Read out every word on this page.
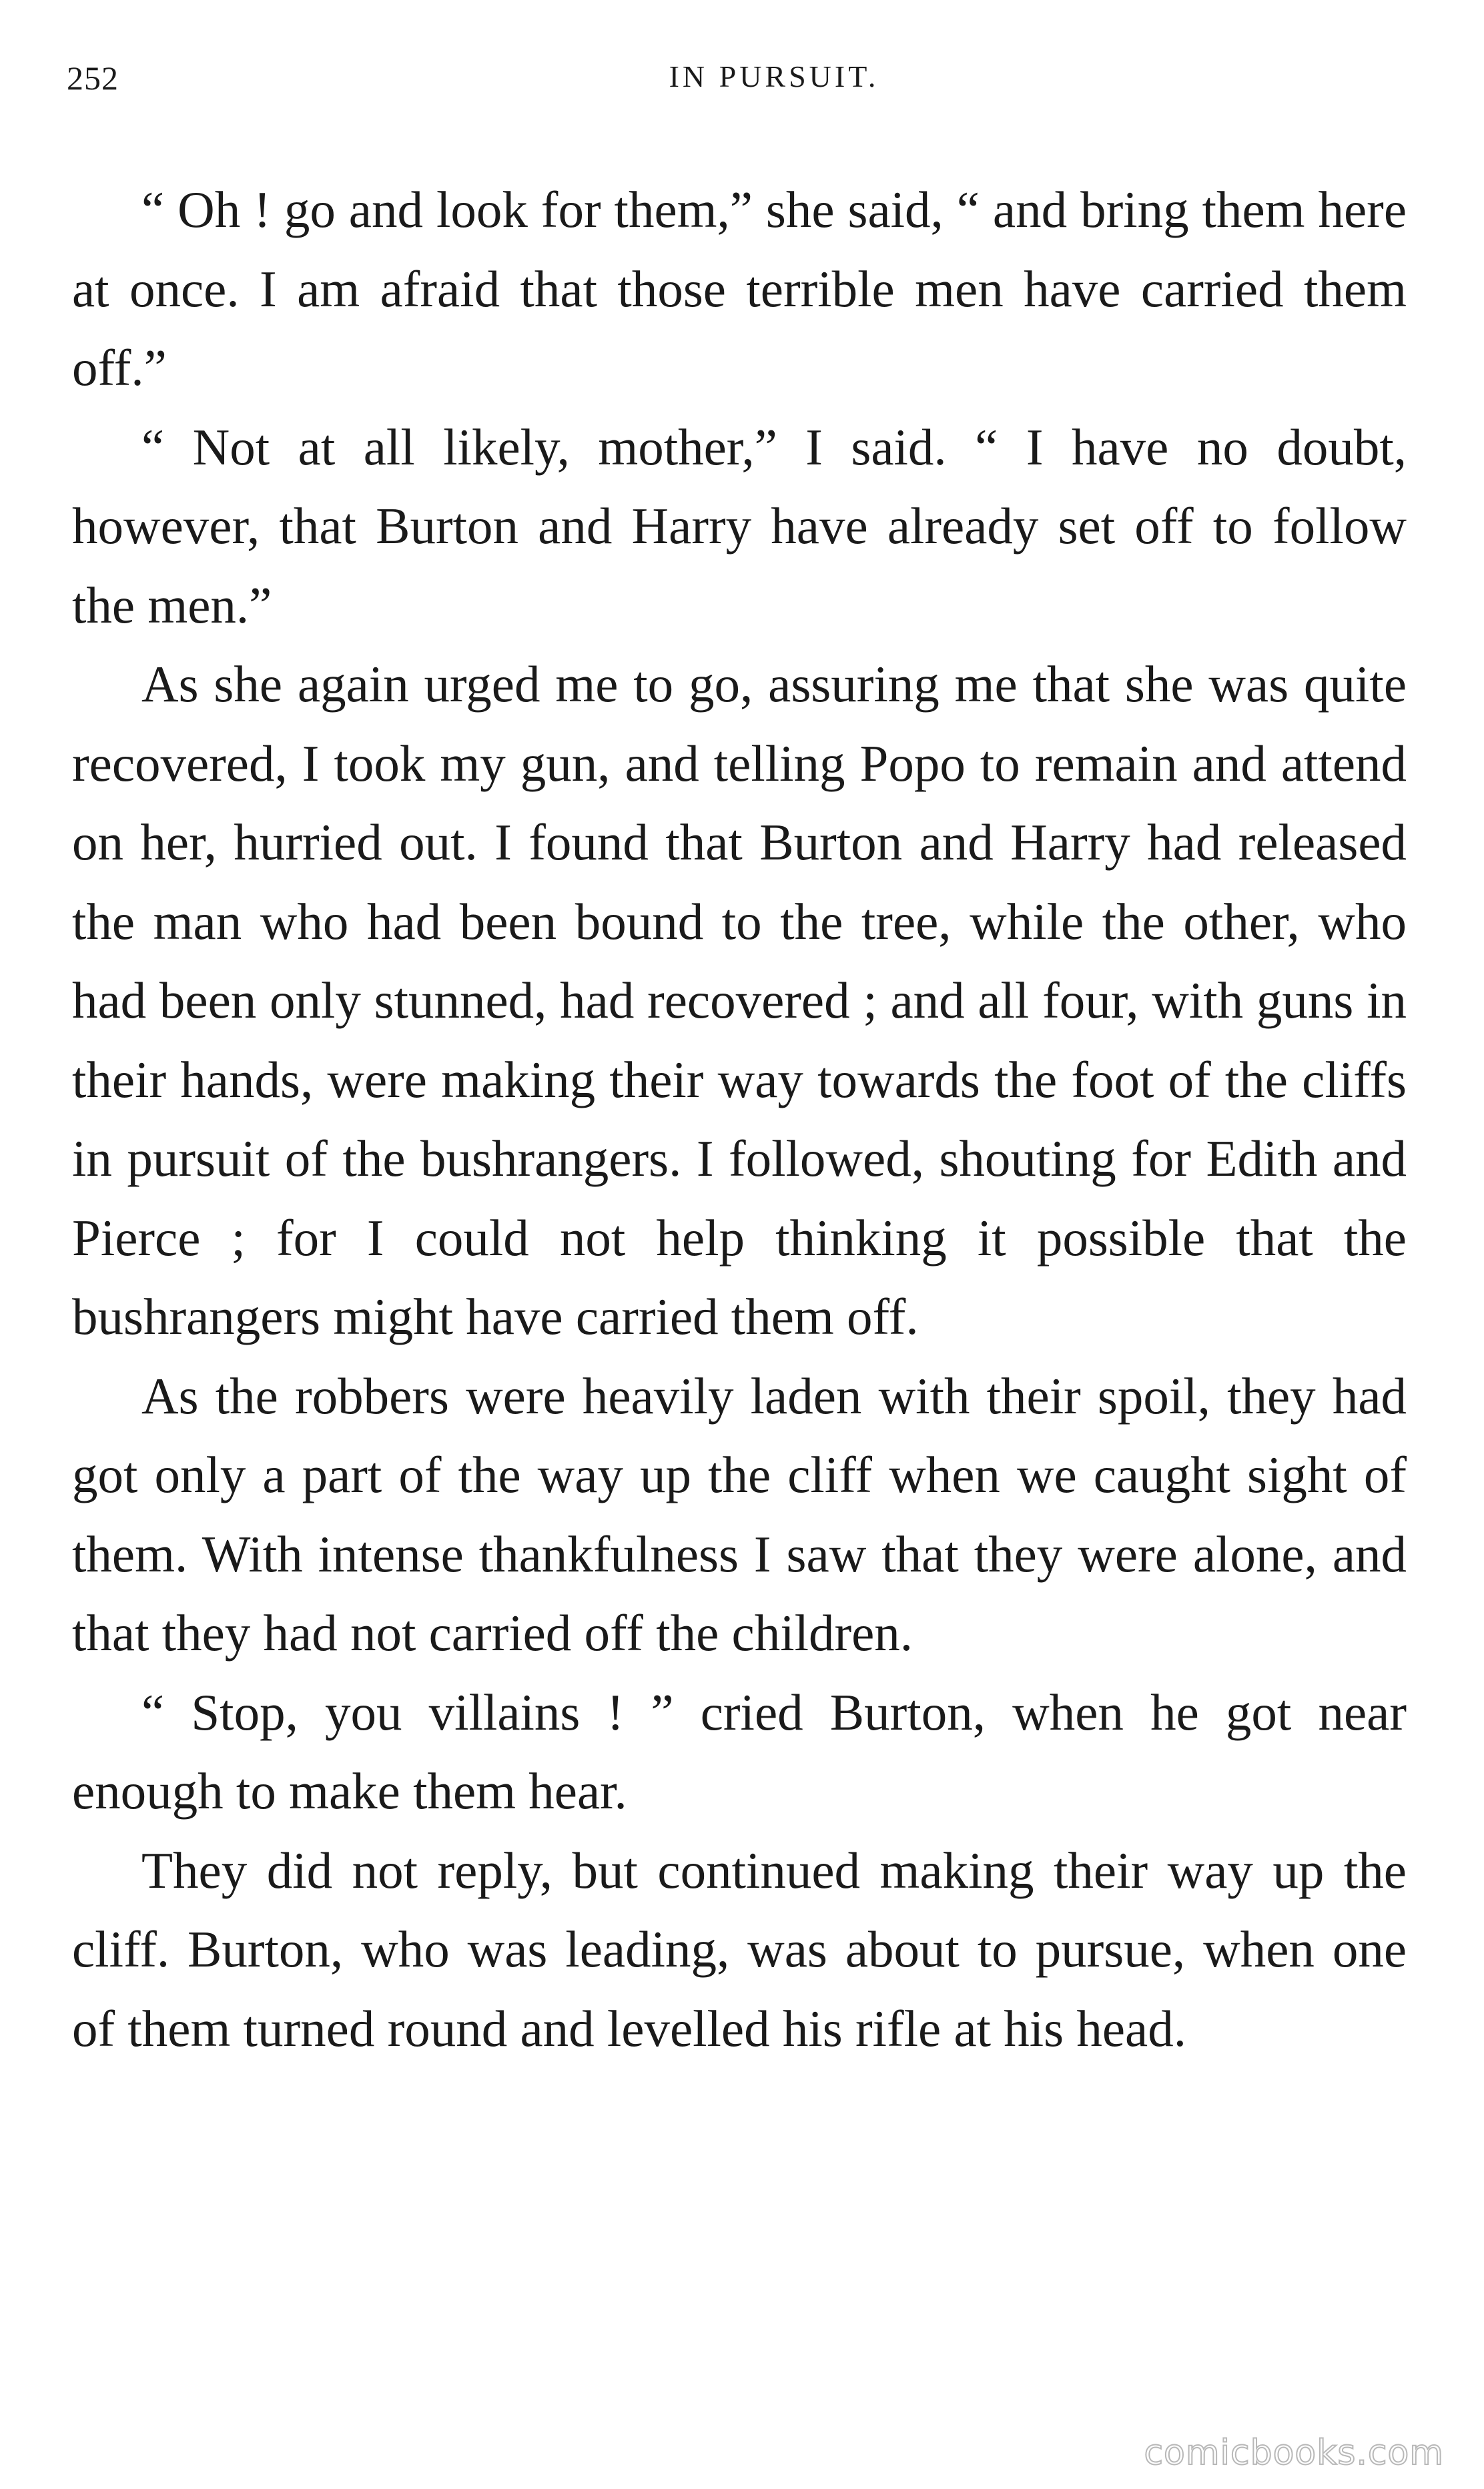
252	IN PURSUIT.

“ Oh ! go and look for them,” she said, “ and bring them here at once. I am afraid that those terrible men have carried them off.”

“ Not at all likely, mother,” I said. “ I have no doubt, however, that Burton and Harry have already set off to follow the men.”

As she again urged me to go, assuring me that she was quite recovered, I took my gun, and telling Popo to remain and attend on her, hurried out. I found that Burton and Harry had released the man who had been bound to the tree, while the other, who had been only stunned, had recovered ; and all four, with guns in their hands, were making their way towards the foot of the cliffs in pursuit of the bushrangers. I followed, shouting for Edith and Pierce ; for I could not help thinking it possible that the bushrangers might have carried them off.

As the robbers were heavily laden with their spoil, they had got only a part of the way up the cliff when we caught sight of them. With intense thankfulness I saw that they were alone, and that they had not carried off the children.

“ Stop, you villains ! ” cried Burton, when he got near enough to make them hear.

They did not reply, but continued making their way up the cliff. Burton, who was leading, was about to pursue, when one of them turned round and levelled his rifle at his head.

comicbooks.com
